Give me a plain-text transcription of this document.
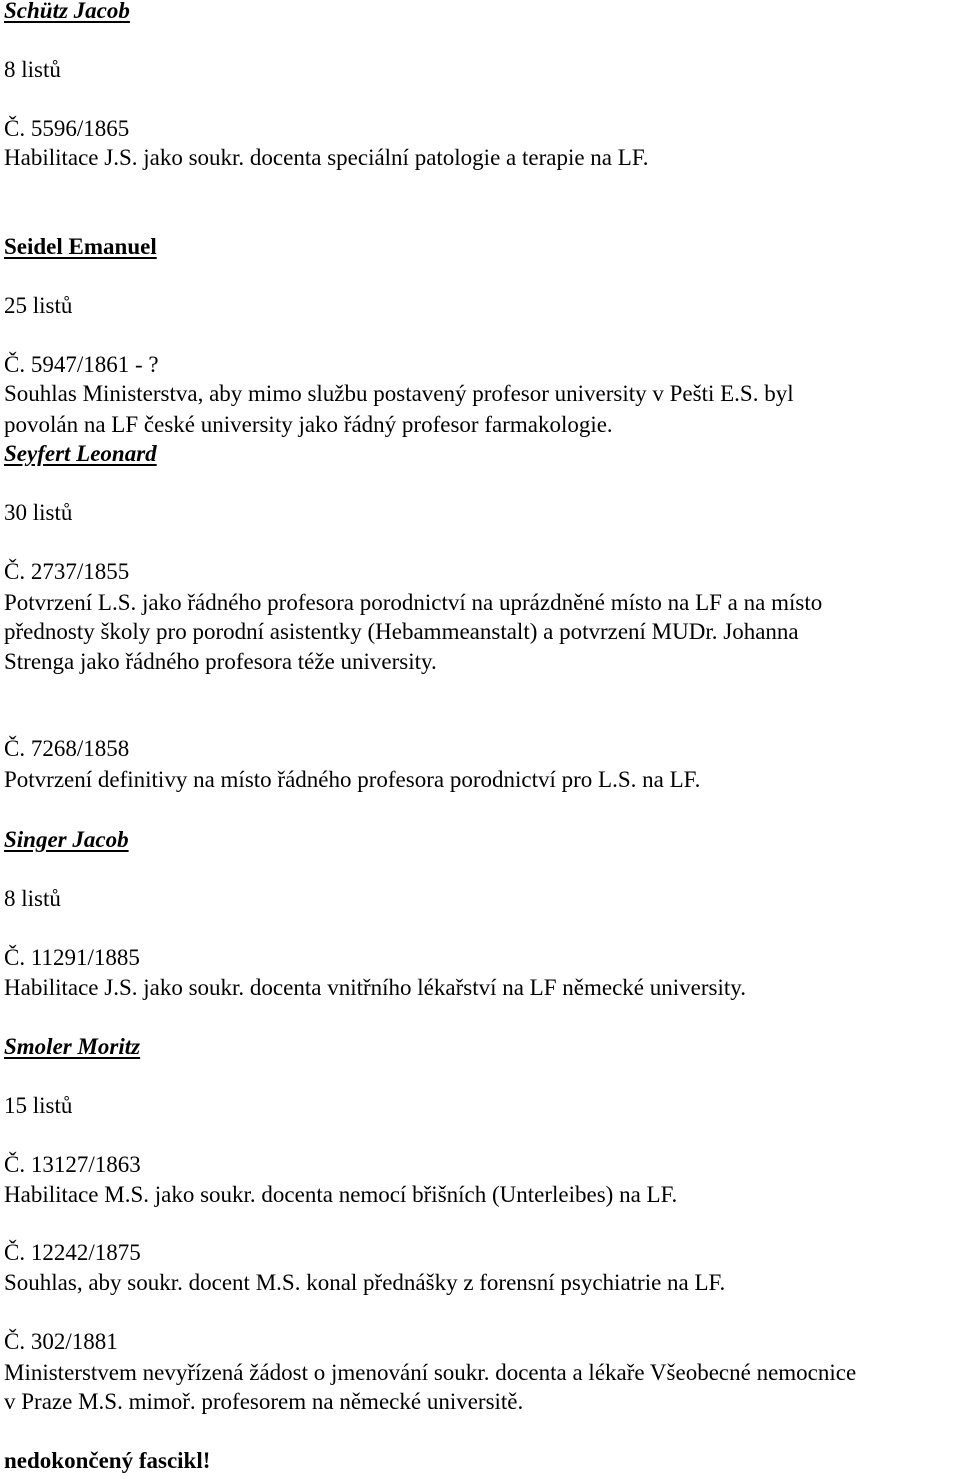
Schütz Jacob
8 listů
Č. 5596/1865
Habilitace J.S. jako soukr. docenta speciální patologie a terapie na LF.
Seidel Emanuel
25 listů
Č. 5947/1861 - ?
Souhlas Ministerstva, aby mimo službu postavený profesor university v Pešti E.S. byl
povolán na LF české university jako řádný profesor farmakologie.
Seyfert Leonard
30 listů
Č. 2737/1855
Potvrzení L.S. jako řádného profesora porodnictví na uprázdněné místo na LF a na místo
přednosty školy pro porodní asistentky (Hebammeanstalt) a potvrzení MUDr. Johanna
Strenga jako řádného profesora téže university.
Č. 7268/1858
Potvrzení definitivy na místo řádného profesora porodnictví pro L.S. na LF.
Singer Jacob
8 listů
Č. 11291/1885
Habilitace J.S. jako soukr. docenta vnitřního lékařství na LF německé university.
Smoler Moritz
15 listů
Č. 13127/1863
Habilitace M.S. jako soukr. docenta nemocí břišních (Unterleibes) na LF.
Č. 12242/1875
Souhlas, aby soukr. docent M.S. konal přednášky z forensní psychiatrie na LF.
Č. 302/1881
Ministerstvem nevyřízená žádost o jmenování soukr. docenta a lékaře Všeobecné nemocnice
v Praze M.S. mimoř. profesorem na německé universitě.
nedokončený fascikl!
